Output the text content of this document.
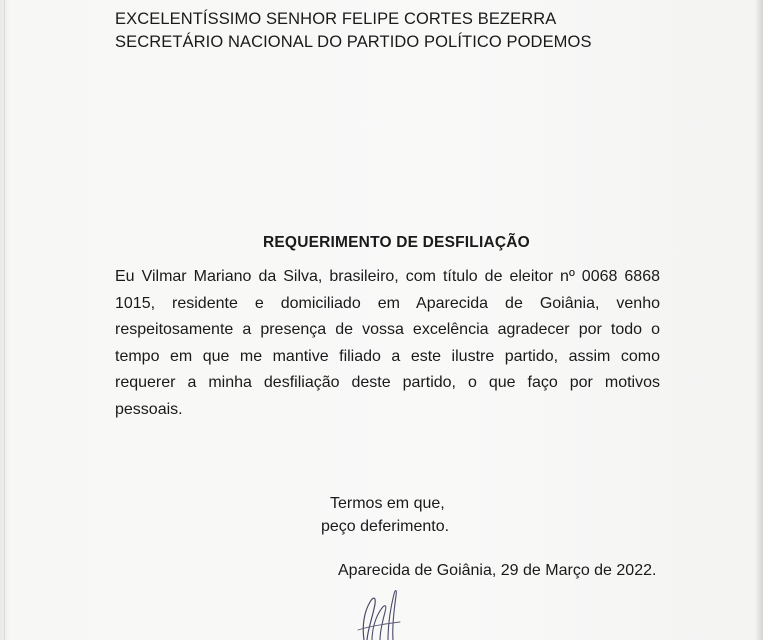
EXCELENTÍSSIMO SENHOR FELIPE CORTES BEZERRA
SECRETÁRIO NACIONAL DO PARTIDO POLÍTICO PODEMOS
REQUERIMENTO DE DESFILIAÇÃO
Eu Vilmar Mariano da Silva, brasileiro, com título de eleitor nº 0068 6868
1015, residente e domiciliado em Aparecida de Goiânia, venho
respeitosamente a presença de vossa excelência agradecer por todo o
tempo em que me mantive filiado a este ilustre partido, assim como
requerer a minha desfiliação deste partido, o que faço por motivos
pessoais.
Termos em que,
peço deferimento.
Aparecida de Goiânia, 29 de Março de 2022.
